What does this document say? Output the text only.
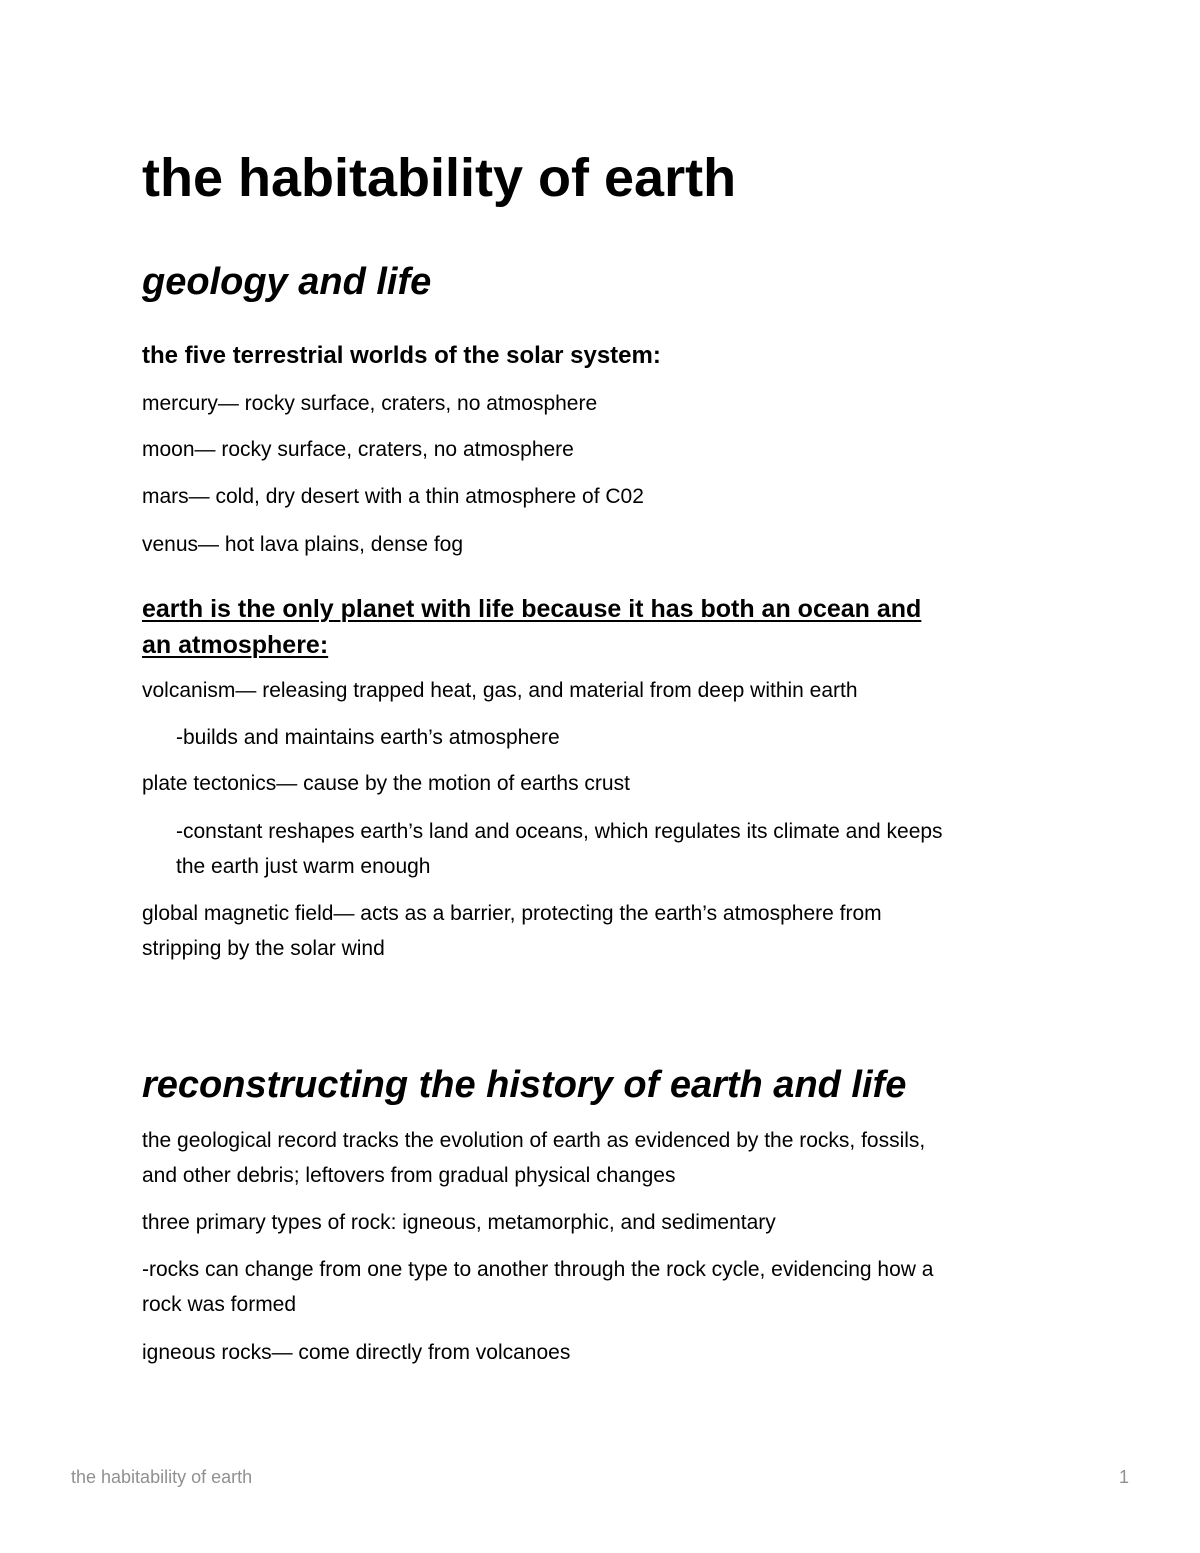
the habitability of earth
geology and life
the five terrestrial worlds of the solar system:

mercury— rocky surface, craters, no atmosphere

moon— rocky surface, craters, no atmosphere

mars— cold, dry desert with a thin atmosphere of C02

venus— hot lava plains, dense fog

earth is the only planet with life because it has both an ocean and

an atmosphere:

volcanism— releasing trapped heat, gas, and material from deep within earth

-builds and maintains earth’s atmosphere

plate tectonics— cause by the motion of earths crust

-constant reshapes earth’s land and oceans, which regulates its climate and keeps

the earth just warm enough

global magnetic field— acts as a barrier, protecting the earth’s atmosphere from

stripping by the solar wind

reconstructing the history of earth and life

the geological record tracks the evolution of earth as evidenced by the rocks, fossils,

and other debris; leftovers from gradual physical changes

three primary types of rock: igneous, metamorphic, and sedimentary

-rocks can change from one type to another through the rock cycle, evidencing how a

rock was formed

igneous rocks— come directly from volcanoes

the habitability of earth	1
